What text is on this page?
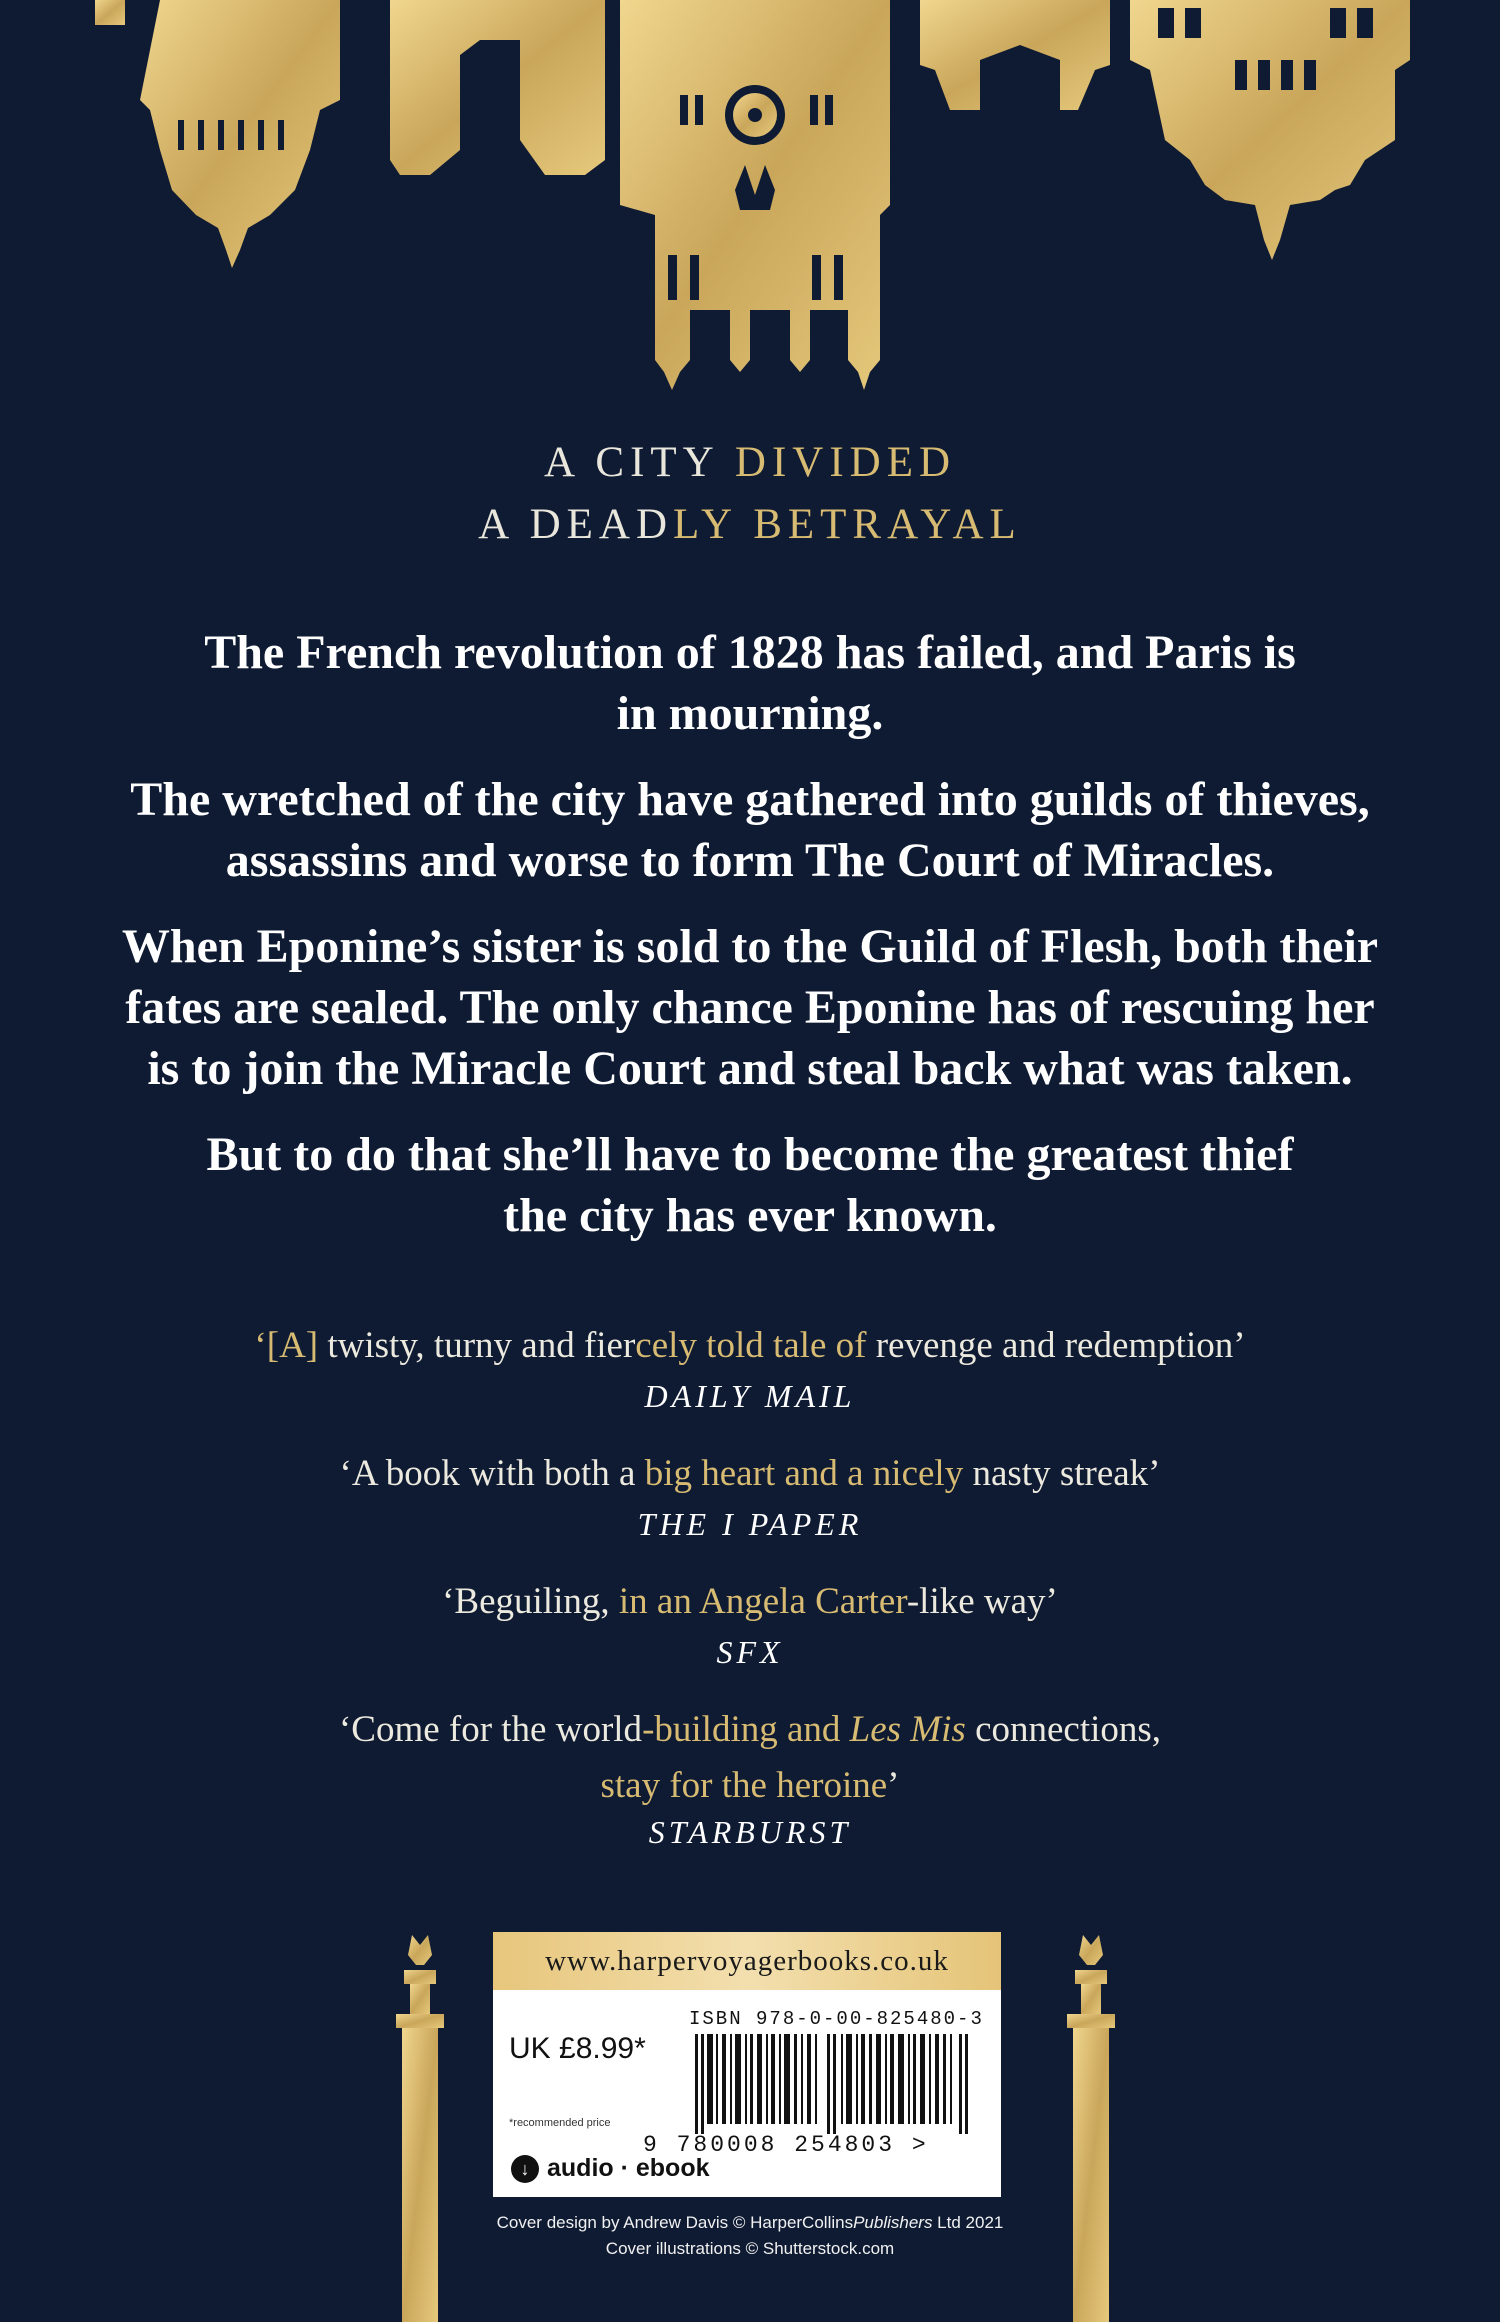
A CITY DIVIDED
A DEADLY BETRAYAL

The French revolution of 1828 has failed, and Paris is in mourning.

The wretched of the city have gathered into guilds of thieves, assassins and worse to form The Court of Miracles.

When Eponine’s sister is sold to the Guild of Flesh, both their fates are sealed. The only chance Eponine has of rescuing her is to join the Miracle Court and steal back what was taken.

But to do that she’ll have to become the greatest thief the city has ever known.

‘[A] twisty, turny and fiercely told tale of revenge and redemption’
DAILY MAIL
‘A book with both a big heart and a nicely nasty streak’
THE I PAPER
‘Beguiling, in an Angela Carter-like way’
SFX
‘Come for the world-building and Les Mis connections,
stay for the heroine’
STARBURST
www.harpervoyagerbooks.co.uk
ISBN 978-0-00-825480-3
UK £8.99*
*recommended price
9 780008 254803 >
↓ audio · ebook
Cover design by Andrew Davis © HarperCollinsPublishers Ltd 2021
Cover illustrations © Shutterstock.com
